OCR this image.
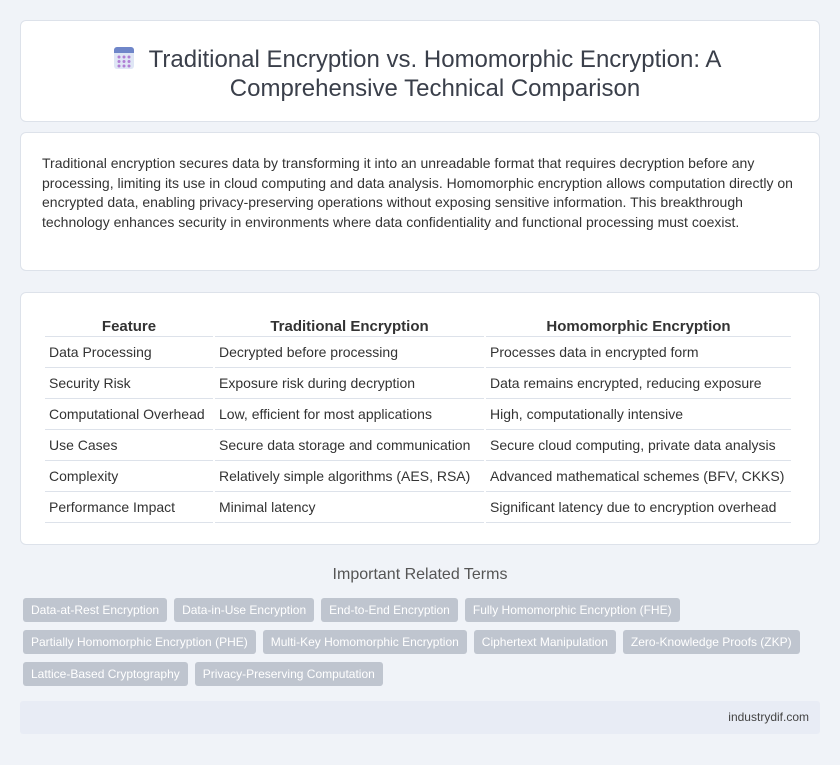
Traditional Encryption vs. Homomorphic Encryption: A Comprehensive Technical Comparison

Traditional encryption secures data by transforming it into an unreadable format that requires decryption before any processing, limiting its use in cloud computing and data analysis. Homomorphic encryption allows computation directly on encrypted data, enabling privacy-preserving operations without exposing sensitive information. This breakthrough technology enhances security in environments where data confidentiality and functional processing must coexist.

Feature	Traditional Encryption	Homomorphic Encryption
Data Processing	Decrypted before processing	Processes data in encrypted form
Security Risk	Exposure risk during decryption	Data remains encrypted, reducing exposure
Computational Overhead	Low, efficient for most applications	High, computationally intensive
Use Cases	Secure data storage and communication	Secure cloud computing, private data analysis
Complexity	Relatively simple algorithms (AES, RSA)	Advanced mathematical schemes (BFV, CKKS)
Performance Impact	Minimal latency	Significant latency due to encryption overhead
Important Related Terms
Data-at-Rest Encryption	Data-in-Use Encryption	End-to-End Encryption	Fully Homomorphic Encryption (FHE)
Partially Homomorphic Encryption (PHE)	Multi-Key Homomorphic Encryption	Ciphertext Manipulation	Zero-Knowledge Proofs (ZKP)
Lattice-Based Cryptography	Privacy-Preserving Computation
industrydif.com
